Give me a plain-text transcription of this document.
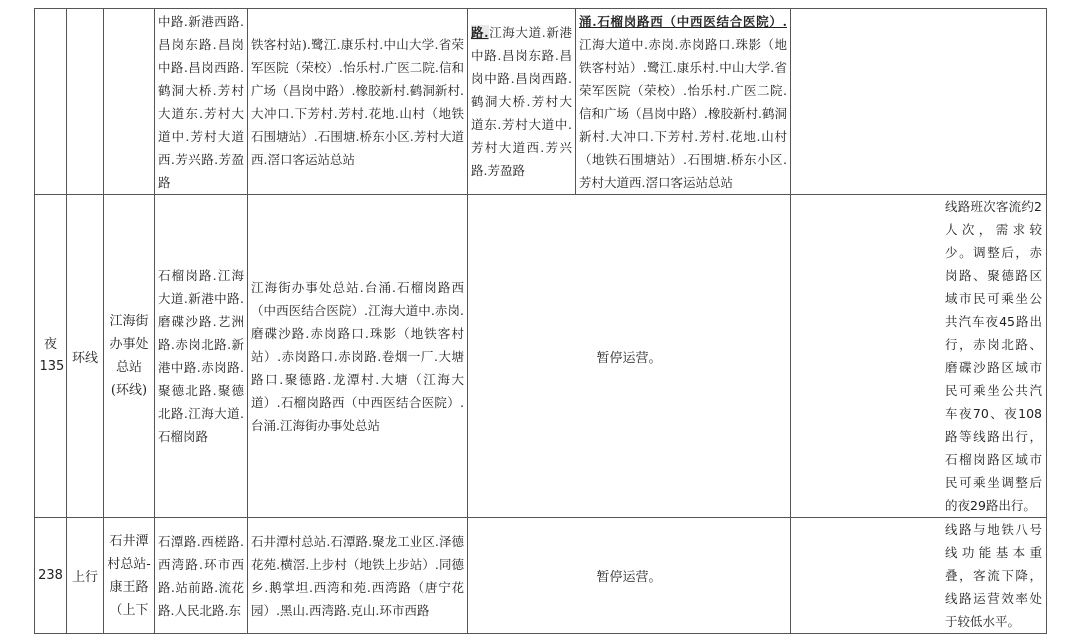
			中路.新港西路.昌岗东路.昌岗中路.昌岗西路.鹤洞大桥.芳村大道东.芳村大道中.芳村大道西.芳兴路.芳盈路	铁客村站).鹭江.康乐村.中山大学.省荣军医院（荣校）.怡乐村.广医二院.信和广场（昌岗中路）.橡胶新村.鹤洞新村.大冲口.下芳村.芳村.花地.山村（地铁石围塘站）.石围塘.桥东小区.芳村大道西.滘口客运站总站	路.江海大道.新港中路.昌岗东路.昌岗中路.昌岗西路.鹤洞大桥.芳村大道东.芳村大道中.芳村大道西.芳兴路.芳盈路	涌.石榴岗路西（中西医结合医院）.江海大道中.赤岗.赤岗路口.珠影（地铁客村站）.鹭江.康乐村.中山大学.省荣军医院（荣校）.怡乐村.广医二院.信和广场（昌岗中路）.橡胶新村.鹤洞新村.大冲口.下芳村.芳村.花地.山村（地铁石围塘站）.石围塘.桥东小区.芳村大道西.滘口客运站总站	

夜135	环线	江海街办事处总站(环线)	石榴岗路.江海大道.新港中路.磨碟沙路.艺洲路.赤岗北路.新港中路.赤岗路.聚德北路.聚德北路.江海大道.石榴岗路	江海街办事处总站.台涌.石榴岗路西（中西医结合医院）.江海大道中.赤岗.磨碟沙路.赤岗路口.珠影（地铁客村站）.赤岗路口.赤岗路.卷烟一厂.大塘路口.聚德路.龙潭村.大塘（江海大道）.石榴岗路西（中西医结合医院）.台涌.江海街办事处总站	暂停运营。		线路班次客流约2人次，需求较少。调整后，赤岗路、聚德路区域市民可乘坐公共汽车夜45路出行，赤岗北路、磨碟沙路区域市民可乘坐公共汽车夜70、夜108路等线路出行，石榴岗路区域市民可乘坐调整后的夜29路出行。

238	上行	石井潭村总站-康王路（上下	石潭路.西槎路.西湾路.环市西路.站前路.流花路.人民北路.东	石井潭村总站.石潭路.聚龙工业区.泽德花苑.横滘.上步村（地铁上步站）.同德乡.鹅掌坦.西湾和苑.西湾路（唐宁花园）.黑山.西湾路.克山.环市西路	暂停运营。		线路与地铁八号线功能基本重叠，客流下降，线路运营效率处于较低水平。
